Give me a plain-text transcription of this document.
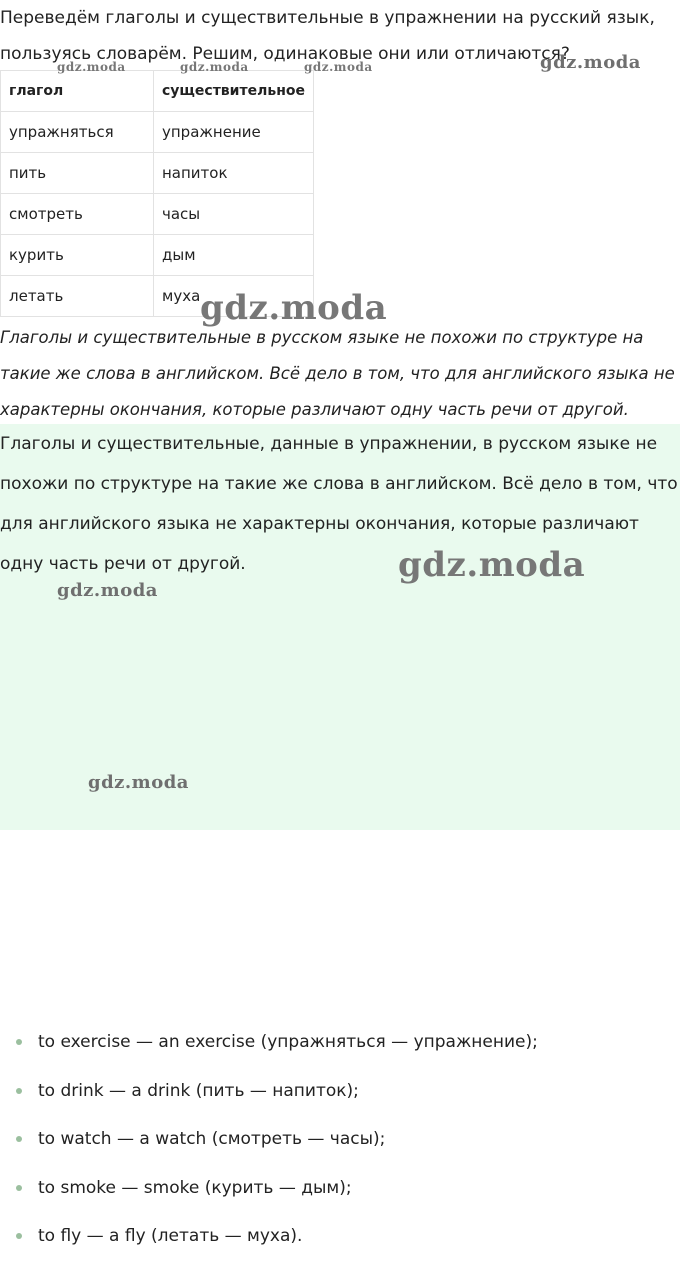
Переведём глаголы и существительные в упражнении на русский язык,
пользуясь словарём. Решим, одинаковые они или отличаются?
глагол	существительное
упражняться	упражнение
пить	напиток
смотреть	часы
курить	дым
летать	муха
Глаголы и существительные в русском языке не похожи по структуре на
такие же слова в английском. Всё дело в том, что для английского языка не
характерны окончания, которые различают одну часть речи от другой.
Глаголы и существительные, данные в упражнении, в русском языке не
похожи по структуре на такие же слова в английском. Всё дело в том, что
для английского языка не характерны окончания, которые различают
одну часть речи от другой.
to exercise — an exercise (упражняться — упражнение);
to drink — a drink (пить — напиток);
to watch — a watch (смотреть — часы);
to smoke — smoke (курить — дым);
to fly — a fly (летать — муха).
gdz.moda	gdz.moda	gdz.moda	gdz.moda
gdz.moda
gdz.moda
gdz.moda
gdz.moda
